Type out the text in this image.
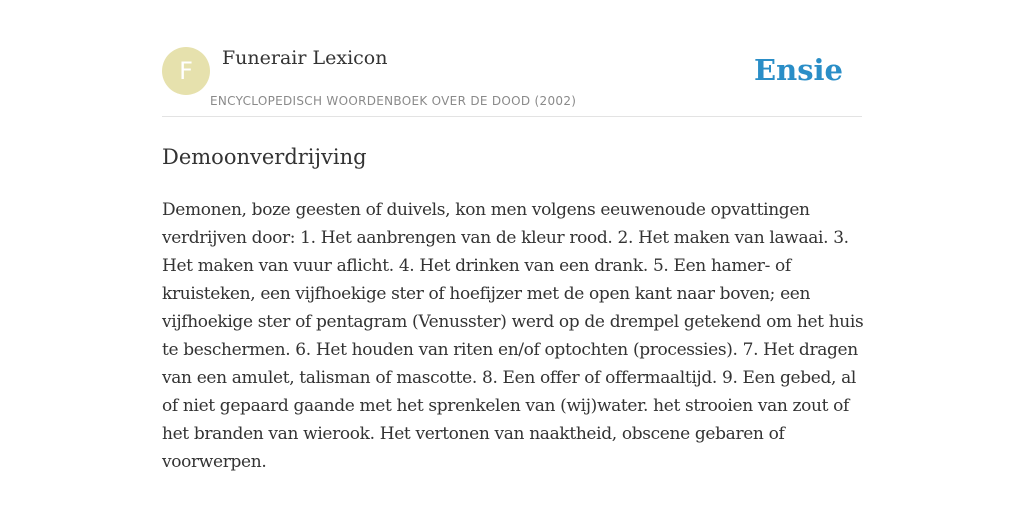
F	Funerair Lexicon
ENCYCLOPEDISCH WOORDENBOEK OVER DE DOOD (2002)
Ensie
Demoonverdrijving

Demonen, boze geesten of duivels, kon men volgens eeuwenoude opvattingen verdrijven door: 1. Het aanbrengen van de kleur rood. 2. Het maken van lawaai. 3. Het maken van vuur aflicht. 4. Het drinken van een drank. 5. Een hamer- of kruisteken, een vijfhoekige ster of hoefijzer met de open kant naar boven; een vijfhoekige ster of pentagram (Venusster) werd op de drempel getekend om het huis te beschermen. 6. Het houden van riten en/of optochten (processies). 7. Het dragen van een amulet, talisman of mascotte. 8. Een offer of offermaaltijd. 9. Een gebed, al of niet gepaard gaande met het sprenkelen van (wij)water. het strooien van zout of het branden van wierook. Het vertonen van naaktheid, obscene gebaren of voorwerpen.
